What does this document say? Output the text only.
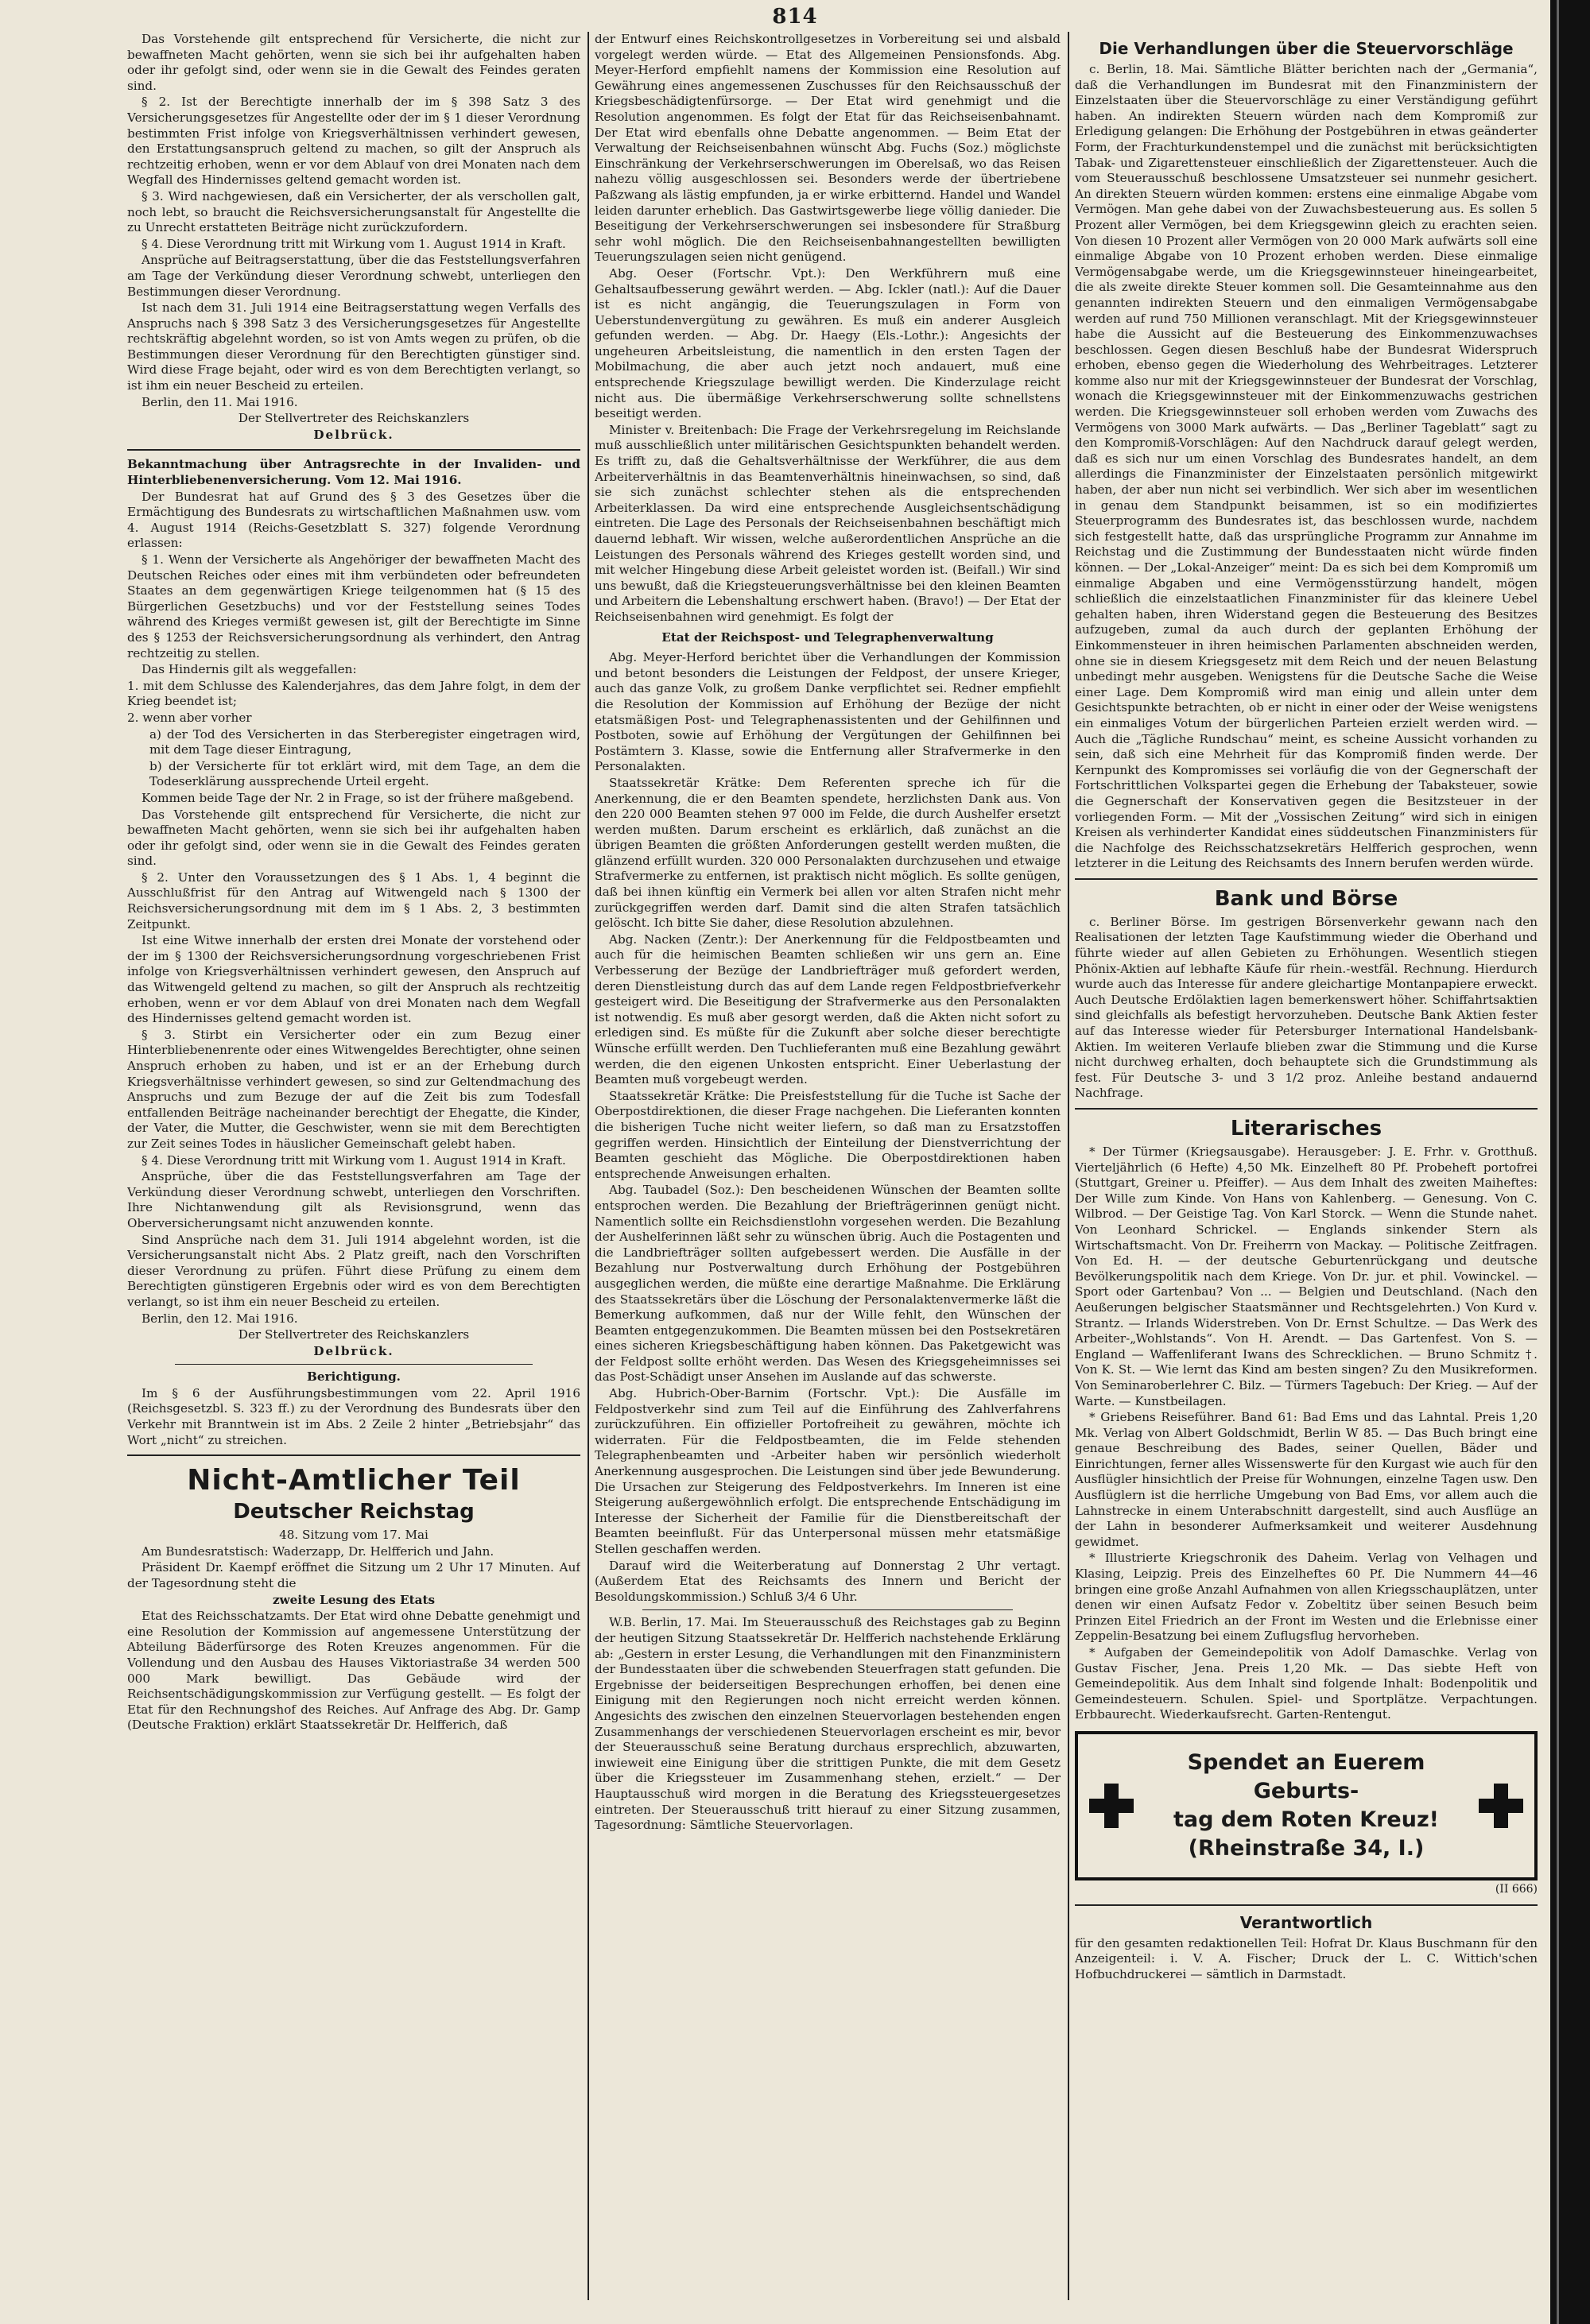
814

Das Vorstehende gilt entsprechend für Versicherte, die nicht zur bewaffneten Macht gehörten, wenn sie sich bei ihr aufgehalten haben oder ihr gefolgt sind, oder wenn sie in die Gewalt des Feindes geraten sind.

§ 2. Ist der Berechtigte innerhalb der im § 398 Satz 3 des Versicherungsgesetzes für Angestellte oder der im § 1 dieser Verordnung bestimmten Frist infolge von Kriegsverhältnissen verhindert gewesen, den Erstattungsanspruch geltend zu machen, so gilt der Anspruch als rechtzeitig erhoben, wenn er vor dem Ablauf von drei Monaten nach dem Wegfall des Hindernisses geltend gemacht worden ist.

§ 3. Wird nachgewiesen, daß ein Versicherter, der als verschollen galt, noch lebt, so braucht die Reichsversicherungsanstalt für Angestellte die zu Unrecht erstatteten Beiträge nicht zurückzufordern.

§ 4. Diese Verordnung tritt mit Wirkung vom 1. August 1914 in Kraft.

Ansprüche auf Beitragserstattung, über die das Feststellungsverfahren am Tage der Verkündung dieser Verordnung schwebt, unterliegen den Bestimmungen dieser Verordnung.

Ist nach dem 31. Juli 1914 eine Beitragserstattung wegen Verfalls des Anspruchs nach § 398 Satz 3 des Versicherungsgesetzes für Angestellte rechtskräftig abgelehnt worden, so ist von Amts wegen zu prüfen, ob die Bestimmungen dieser Verordnung für den Berechtigten günstiger sind. Wird diese Frage bejaht, oder wird es von dem Berechtigten verlangt, so ist ihm ein neuer Bescheid zu erteilen.

Berlin, den 11. Mai 1916.

Der Stellvertreter des Reichskanzlers

Delbrück.

Bekanntmachung über Antragsrechte in der Invaliden- und Hinterbliebenenversicherung. Vom 12. Mai 1916.

Der Bundesrat hat auf Grund des § 3 des Gesetzes über die Ermächtigung des Bundesrats zu wirtschaftlichen Maßnahmen usw. vom 4. August 1914 (Reichs-Gesetzblatt S. 327) folgende Verordnung erlassen:

§ 1. Wenn der Versicherte als Angehöriger der bewaffneten Macht des Deutschen Reiches oder eines mit ihm verbündeten oder befreundeten Staates an dem gegenwärtigen Kriege teilgenommen hat (§ 15 des Bürgerlichen Gesetzbuchs) und vor der Feststellung seines Todes während des Krieges vermißt gewesen ist, gilt der Berechtigte im Sinne des § 1253 der Reichsversicherungsordnung als verhindert, den Antrag rechtzeitig zu stellen.

Das Hindernis gilt als weggefallen:

1. mit dem Schlusse des Kalenderjahres, das dem Jahre folgt, in dem der Krieg beendet ist;

2. wenn aber vorher

a) der Tod des Versicherten in das Sterberegister eingetragen wird, mit dem Tage dieser Eintragung,

b) der Versicherte für tot erklärt wird, mit dem Tage, an dem die Todeserklärung aussprechende Urteil ergeht.

Kommen beide Tage der Nr. 2 in Frage, so ist der frühere maßgebend.

Das Vorstehende gilt entsprechend für Versicherte, die nicht zur bewaffneten Macht gehörten, wenn sie sich bei ihr aufgehalten haben oder ihr gefolgt sind, oder wenn sie in die Gewalt des Feindes geraten sind.

§ 2. Unter den Voraussetzungen des § 1 Abs. 1, 4 beginnt die Ausschlußfrist für den Antrag auf Witwengeld nach § 1300 der Reichsversicherungsordnung mit dem im § 1 Abs. 2, 3 bestimmten Zeitpunkt.

Ist eine Witwe innerhalb der ersten drei Monate der vorstehend oder der im § 1300 der Reichsversicherungsordnung vorgeschriebenen Frist infolge von Kriegsverhältnissen verhindert gewesen, den Anspruch auf das Witwengeld geltend zu machen, so gilt der Anspruch als rechtzeitig erhoben, wenn er vor dem Ablauf von drei Monaten nach dem Wegfall des Hindernisses geltend gemacht worden ist.

§ 3. Stirbt ein Versicherter oder ein zum Bezug einer Hinterbliebenenrente oder eines Witwengeldes Berechtigter, ohne seinen Anspruch erhoben zu haben, und ist er an der Erhebung durch Kriegsverhältnisse verhindert gewesen, so sind zur Geltendmachung des Anspruchs und zum Bezuge der auf die Zeit bis zum Todesfall entfallenden Beiträge nacheinander berechtigt der Ehegatte, die Kinder, der Vater, die Mutter, die Geschwister, wenn sie mit dem Berechtigten zur Zeit seines Todes in häuslicher Gemeinschaft gelebt haben.

§ 4. Diese Verordnung tritt mit Wirkung vom 1. August 1914 in Kraft.

Ansprüche, über die das Feststellungsverfahren am Tage der Verkündung dieser Verordnung schwebt, unterliegen den Vorschriften. Ihre Nichtanwendung gilt als Revisionsgrund, wenn das Oberversicherungsamt nicht anzuwenden konnte.

Sind Ansprüche nach dem 31. Juli 1914 abgelehnt worden, ist die Versicherungsanstalt nicht Abs. 2 Platz greift, nach den Vorschriften dieser Verordnung zu prüfen. Führt diese Prüfung zu einem dem Berechtigten günstigeren Ergebnis oder wird es von dem Berechtigten verlangt, so ist ihm ein neuer Bescheid zu erteilen.

Berlin, den 12. Mai 1916.

Der Stellvertreter des Reichskanzlers

Delbrück.

Berichtigung.

Im § 6 der Ausführungsbestimmungen vom 22. April 1916 (Reichsgesetzbl. S. 323 ff.) zu der Verordnung des Bundesrats über den Verkehr mit Branntwein ist im Abs. 2 Zeile 2 hinter „Betriebsjahr“ das Wort „nicht“ zu streichen.

Nicht-Amtlicher Teil
Deutscher Reichstag

48. Sitzung vom 17. Mai

Am Bundesratstisch: Waderzapp, Dr. Helfferich und Jahn.

Präsident Dr. Kaempf eröffnet die Sitzung um 2 Uhr 17 Minuten. Auf der Tagesordnung steht die

zweite Lesung des Etats

Etat des Reichsschatzamts. Der Etat wird ohne Debatte genehmigt und eine Resolution der Kommission auf angemessene Unterstützung der Abteilung Bäderfürsorge des Roten Kreuzes angenommen. Für die Vollendung und den Ausbau des Hauses Viktoriastraße 34 werden 500 000 Mark bewilligt. Das Gebäude wird der Reichsentschädigungskommission zur Verfügung gestellt. — Es folgt der Etat für den Rechnungshof des Reiches. Auf Anfrage des Abg. Dr. Gamp (Deutsche Fraktion) erklärt Staatssekretär Dr. Helfferich, daß

der Entwurf eines Reichskontrollgesetzes in Vorbereitung sei und alsbald vorgelegt werden würde. — Etat des Allgemeinen Pensionsfonds. Abg. Meyer-Herford empfiehlt namens der Kommission eine Resolution auf Gewährung eines angemessenen Zuschusses für den Reichsausschuß der Kriegsbeschädigtenfürsorge. — Der Etat wird genehmigt und die Resolution angenommen. Es folgt der Etat für das Reichseisenbahnamt. Der Etat wird ebenfalls ohne Debatte angenommen. — Beim Etat der Verwaltung der Reichseisenbahnen wünscht Abg. Fuchs (Soz.) möglichste Einschränkung der Verkehrserschwerungen im Oberelsaß, wo das Reisen nahezu völlig ausgeschlossen sei. Besonders werde der übertriebene Paßzwang als lästig empfunden, ja er wirke erbitternd. Handel und Wandel leiden darunter erheblich. Das Gastwirtsgewerbe liege völlig danieder. Die Beseitigung der Verkehrserschwerungen sei insbesondere für Straßburg sehr wohl möglich. Die den Reichseisenbahnangestellten bewilligten Teuerungszulagen seien nicht genügend.

Abg. Oeser (Fortschr. Vpt.): Den Werkführern muß eine Gehaltsaufbesserung gewährt werden. — Abg. Ickler (natl.): Auf die Dauer ist es nicht angängig, die Teuerungszulagen in Form von Ueberstundenvergütung zu gewähren. Es muß ein anderer Ausgleich gefunden werden. — Abg. Dr. Haegy (Els.-Lothr.): Angesichts der ungeheuren Arbeitsleistung, die namentlich in den ersten Tagen der Mobilmachung, die aber auch jetzt noch andauert, muß eine entsprechende Kriegszulage bewilligt werden. Die Kinderzulage reicht nicht aus. Die übermäßige Verkehrserschwerung sollte schnellstens beseitigt werden.

Minister v. Breitenbach: Die Frage der Verkehrsregelung im Reichslande muß ausschließlich unter militärischen Gesichtspunkten behandelt werden. Es trifft zu, daß die Gehaltsverhältnisse der Werkführer, die aus dem Arbeiterverhältnis in das Beamtenverhältnis hineinwachsen, so sind, daß sie sich zunächst schlechter stehen als die entsprechenden Arbeiterklassen. Da wird eine entsprechende Ausgleichsentschädigung eintreten. Die Lage des Personals der Reichseisenbahnen beschäftigt mich dauernd lebhaft. Wir wissen, welche außerordentlichen Ansprüche an die Leistungen des Personals während des Krieges gestellt worden sind, und mit welcher Hingebung diese Arbeit geleistet worden ist. (Beifall.) Wir sind uns bewußt, daß die Kriegsteuerungsverhältnisse bei den kleinen Beamten und Arbeitern die Lebenshaltung erschwert haben. (Bravo!) — Der Etat der Reichseisenbahnen wird genehmigt. Es folgt der

Etat der Reichspost- und Telegraphenverwaltung

Abg. Meyer-Herford berichtet über die Verhandlungen der Kommission und betont besonders die Leistungen der Feldpost, der unsere Krieger, auch das ganze Volk, zu großem Danke verpflichtet sei. Redner empfiehlt die Resolution der Kommission auf Erhöhung der Bezüge der nicht etatsmäßigen Post- und Telegraphenassistenten und der Gehilfinnen und Postboten, sowie auf Erhöhung der Vergütungen der Gehilfinnen bei Postämtern 3. Klasse, sowie die Entfernung aller Strafvermerke in den Personalakten.

Staatssekretär Krätke: Dem Referenten spreche ich für die Anerkennung, die er den Beamten spendete, herzlichsten Dank aus. Von den 220 000 Beamten stehen 97 000 im Felde, die durch Aushelfer ersetzt werden mußten. Darum erscheint es erklärlich, daß zunächst an die übrigen Beamten die größten Anforderungen gestellt werden mußten, die glänzend erfüllt wurden. 320 000 Personalakten durchzusehen und etwaige Strafvermerke zu entfernen, ist praktisch nicht möglich. Es sollte genügen, daß bei ihnen künftig ein Vermerk bei allen vor alten Strafen nicht mehr zurückgegriffen werden darf. Damit sind die alten Strafen tatsächlich gelöscht. Ich bitte Sie daher, diese Resolution abzulehnen.

Abg. Nacken (Zentr.): Der Anerkennung für die Feldpostbeamten und auch für die heimischen Beamten schließen wir uns gern an. Eine Verbesserung der Bezüge der Landbriefträger muß gefordert werden, deren Dienstleistung durch das auf dem Lande regen Feldpostbriefverkehr gesteigert wird. Die Beseitigung der Strafvermerke aus den Personalakten ist notwendig. Es muß aber gesorgt werden, daß die Akten nicht sofort zu erledigen sind. Es müßte für die Zukunft aber solche dieser berechtigte Wünsche erfüllt werden. Den Tuchlieferanten muß eine Bezahlung gewährt werden, die den eigenen Unkosten entspricht. Einer Ueberlastung der Beamten muß vorgebeugt werden.

Staatssekretär Krätke: Die Preisfeststellung für die Tuche ist Sache der Oberpostdirektionen, die dieser Frage nachgehen. Die Lieferanten konnten die bisherigen Tuche nicht weiter liefern, so daß man zu Ersatzstoffen gegriffen werden. Hinsichtlich der Einteilung der Dienstverrichtung der Beamten geschieht das Mögliche. Die Oberpostdirektionen haben entsprechende Anweisungen erhalten.

Abg. Taubadel (Soz.): Den bescheidenen Wünschen der Beamten sollte entsprochen werden. Die Bezahlung der Briefträgerinnen genügt nicht. Namentlich sollte ein Reichsdienstlohn vorgesehen werden. Die Bezahlung der Aushelferinnen läßt sehr zu wünschen übrig. Auch die Postagenten und die Landbriefträger sollten aufgebessert werden. Die Ausfälle in der Bezahlung nur Postverwaltung durch Erhöhung der Postgebühren ausgeglichen werden, die müßte eine derartige Maßnahme. Die Erklärung des Staatssekretärs über die Löschung der Personalaktenvermerke läßt die Bemerkung aufkommen, daß nur der Wille fehlt, den Wünschen der Beamten entgegenzukommen. Die Beamten müssen bei den Postsekretären eines sicheren Kriegsbeschäftigung haben können. Das Paketgewicht was der Feldpost sollte erhöht werden. Das Wesen des Kriegsgeheimnisses sei das Post-Schädigt unser Ansehen im Auslande auf das schwerste.

Abg. Hubrich-Ober-Barnim (Fortschr. Vpt.): Die Ausfälle im Feldpostverkehr sind zum Teil auf die Einführung des Zahlverfahrens zurückzuführen. Ein offizieller Portofreiheit zu gewähren, möchte ich widerraten. Für die Feldpostbeamten, die im Felde stehenden Telegraphenbeamten und -Arbeiter haben wir persönlich wiederholt Anerkennung ausgesprochen. Die Leistungen sind über jede Bewunderung. Die Ursachen zur Steigerung des Feldpostverkehrs. Im Inneren ist eine Steigerung außergewöhnlich erfolgt. Die entsprechende Entschädigung im Interesse der Sicherheit der Familie für die Dienstbereitschaft der Beamten beeinflußt. Für das Unterpersonal müssen mehr etatsmäßige Stellen geschaffen werden.

Darauf wird die Weiterberatung auf Donnerstag 2 Uhr vertagt. (Außerdem Etat des Reichsamts des Innern und Bericht der Besoldungskommission.) Schluß 3/4 6 Uhr.

W.B. Berlin, 17. Mai. Im Steuerausschuß des Reichstages gab zu Beginn der heutigen Sitzung Staatssekretär Dr. Helfferich nachstehende Erklärung ab: „Gestern in erster Lesung, die Verhandlungen mit den Finanzministern der Bundesstaaten über die schwebenden Steuerfragen statt gefunden. Die Ergebnisse der beiderseitigen Besprechungen erhoffen, bei denen eine Einigung mit den Regierungen noch nicht erreicht werden können. Angesichts des zwischen den einzelnen Steuervorlagen bestehenden engen Zusammenhangs der verschiedenen Steuervorlagen erscheint es mir, bevor der Steuerausschuß seine Beratung durchaus ersprechlich, abzuwarten, inwieweit eine Einigung über die strittigen Punkte, die mit dem Gesetz über die Kriegssteuer im Zusammenhang stehen, erzielt.“ — Der Hauptausschuß wird morgen in die Beratung des Kriegssteuergesetzes eintreten. Der Steuerausschuß tritt hierauf zu einer Sitzung zusammen, Tagesordnung: Sämtliche Steuervorlagen.

Die Verhandlungen über die Steuervorschläge

c. Berlin, 18. Mai. Sämtliche Blätter berichten nach der „Germania“, daß die Verhandlungen im Bundesrat mit den Finanzministern der Einzelstaaten über die Steuervorschläge zu einer Verständigung geführt haben. An indirekten Steuern würden nach dem Kompromiß zur Erledigung gelangen: Die Erhöhung der Postgebühren in etwas geänderter Form, der Frachturkundenstempel und die zunächst mit berücksichtigten Tabak- und Zigarettensteuer einschließlich der Zigarettensteuer. Auch die vom Steuerausschuß beschlossene Umsatzsteuer sei nunmehr gesichert. An direkten Steuern würden kommen: erstens eine einmalige Abgabe vom Vermögen. Man gehe dabei von der Zuwachsbesteuerung aus. Es sollen 5 Prozent aller Vermögen, bei dem Kriegsgewinn gleich zu erachten seien. Von diesen 10 Prozent aller Vermögen von 20 000 Mark aufwärts soll eine einmalige Abgabe von 10 Prozent erhoben werden. Diese einmalige Vermögensabgabe werde, um die Kriegsgewinnsteuer hineingearbeitet, die als zweite direkte Steuer kommen soll. Die Gesamteinnahme aus den genannten indirekten Steuern und den einmaligen Vermögensabgabe werden auf rund 750 Millionen veranschlagt. Mit der Kriegsgewinnsteuer habe die Aussicht auf die Besteuerung des Einkommenzuwachses beschlossen. Gegen diesen Beschluß habe der Bundesrat Widerspruch erhoben, ebenso gegen die Wiederholung des Wehrbeitrages. Letzterer komme also nur mit der Kriegsgewinnsteuer der Bundesrat der Vorschlag, wonach die Kriegsgewinnsteuer mit der Einkommenzuwachs gestrichen werden. Die Kriegsgewinnsteuer soll erhoben werden vom Zuwachs des Vermögens von 3000 Mark aufwärts. — Das „Berliner Tageblatt“ sagt zu den Kompromiß-Vorschlägen: Auf den Nachdruck darauf gelegt werden, daß es sich nur um einen Vorschlag des Bundesrates handelt, an dem allerdings die Finanzminister der Einzelstaaten persönlich mitgewirkt haben, der aber nun nicht sei verbindlich. Wer sich aber im wesentlichen in genau dem Standpunkt beisammen, ist so ein modifiziertes Steuerprogramm des Bundesrates ist, das beschlossen wurde, nachdem sich festgestellt hatte, daß das ursprüngliche Programm zur Annahme im Reichstag und die Zustimmung der Bundesstaaten nicht würde finden können. — Der „Lokal-Anzeiger“ meint: Da es sich bei dem Kompromiß um einmalige Abgaben und eine Vermögensstürzung handelt, mögen schließlich die einzelstaatlichen Finanzminister für das kleinere Uebel gehalten haben, ihren Widerstand gegen die Besteuerung des Besitzes aufzugeben, zumal da auch durch der geplanten Erhöhung der Einkommensteuer in ihren heimischen Parlamenten abschneiden werden, ohne sie in diesem Kriegsgesetz mit dem Reich und der neuen Belastung unbedingt mehr ausgeben. Wenigstens für die Deutsche Sache die Weise einer Lage. Dem Kompromiß wird man einig und allein unter dem Gesichtspunkte betrachten, ob er nicht in einer oder der Weise wenigstens ein einmaliges Votum der bürgerlichen Parteien erzielt werden wird. — Auch die „Tägliche Rundschau“ meint, es scheine Aussicht vorhanden zu sein, daß sich eine Mehrheit für das Kompromiß finden werde. Der Kernpunkt des Kompromisses sei vorläufig die von der Gegnerschaft der Fortschrittlichen Volkspartei gegen die Erhebung der Tabaksteuer, sowie die Gegnerschaft der Konservativen gegen die Besitzsteuer in der vorliegenden Form. — Mit der „Vossischen Zeitung“ wird sich in einigen Kreisen als verhinderter Kandidat eines süddeutschen Finanzministers für die Nachfolge des Reichsschatzsekretärs Helfferich gesprochen, wenn letzterer in die Leitung des Reichsamts des Innern berufen werden würde.

Bank und Börse

c. Berliner Börse. Im gestrigen Börsenverkehr gewann nach den Realisationen der letzten Tage Kaufstimmung wieder die Oberhand und führte wieder auf allen Gebieten zu Erhöhungen. Wesentlich stiegen Phönix-Aktien auf lebhafte Käufe für rhein.-westfäl. Rechnung. Hierdurch wurde auch das Interesse für andere gleichartige Montanpapiere erweckt. Auch Deutsche Erdölaktien lagen bemerkenswert höher. Schiffahrtsaktien sind gleichfalls als befestigt hervorzuheben. Deutsche Bank Aktien fester auf das Interesse wieder für Petersburger International Handelsbank-Aktien. Im weiteren Verlaufe blieben zwar die Stimmung und die Kurse nicht durchweg erhalten, doch behauptete sich die Grundstimmung als fest. Für Deutsche 3- und 3 1/2 proz. Anleihe bestand andauernd Nachfrage.

Literarisches

* Der Türmer (Kriegsausgabe). Herausgeber: J. E. Frhr. v. Grotthuß. Vierteljährlich (6 Hefte) 4,50 Mk. Einzelheft 80 Pf. Probeheft portofrei (Stuttgart, Greiner u. Pfeiffer). — Aus dem Inhalt des zweiten Maiheftes: Der Wille zum Kinde. Von Hans von Kahlenberg. — Genesung. Von C. Wilbrod. — Der Geistige Tag. Von Karl Storck. — Wenn die Stunde nahet. Von Leonhard Schrickel. — Englands sinkender Stern als Wirtschaftsmacht. Von Dr. Freiherrn von Mackay. — Politische Zeitfragen. Von Ed. H. — der deutsche Geburtenrückgang und deutsche Bevölkerungspolitik nach dem Kriege. Von Dr. jur. et phil. Vowinckel. — Sport oder Gartenbau? Von ... — Belgien und Deutschland. (Nach den Aeußerungen belgischer Staatsmänner und Rechtsgelehrten.) Von Kurd v. Strantz. — Irlands Widerstreben. Von Dr. Ernst Schultze. — Das Werk des Arbeiter-„Wohlstands“. Von H. Arendt. — Das Gartenfest. Von S. — England — Waffenliferant Iwans des Schrecklichen. — Bruno Schmitz †. Von K. St. — Wie lernt das Kind am besten singen? Zu den Musikreformen. Von Seminaroberlehrer C. Bilz. — Türmers Tagebuch: Der Krieg. — Auf der Warte. — Kunstbeilagen.

* Griebens Reiseführer. Band 61: Bad Ems und das Lahntal. Preis 1,20 Mk. Verlag von Albert Goldschmidt, Berlin W 85. — Das Buch bringt eine genaue Beschreibung des Bades, seiner Quellen, Bäder und Einrichtungen, ferner alles Wissenswerte für den Kurgast wie auch für den Ausflügler hinsichtlich der Preise für Wohnungen, einzelne Tagen usw. Den Ausflüglern ist die herrliche Umgebung von Bad Ems, vor allem auch die Lahnstrecke in einem Unterabschnitt dargestellt, sind auch Ausflüge an der Lahn in besonderer Aufmerksamkeit und weiterer Ausdehnung gewidmet.

* Illustrierte Kriegschronik des Daheim. Verlag von Velhagen und Klasing, Leipzig. Preis des Einzelheftes 60 Pf. Die Nummern 44—46 bringen eine große Anzahl Aufnahmen von allen Kriegsschauplätzen, unter denen wir einen Aufsatz Fedor v. Zobeltitz über seinen Besuch beim Prinzen Eitel Friedrich an der Front im Westen und die Erlebnisse einer Zeppelin-Besatzung bei einem Zuflugsflug hervorheben.

* Aufgaben der Gemeindepolitik von Adolf Damaschke. Verlag von Gustav Fischer, Jena. Preis 1,20 Mk. — Das siebte Heft von Gemeindepolitik. Aus dem Inhalt sind folgende Inhalt: Bodenpolitik und Gemeindesteuern. Schulen. Spiel- und Sportplätze. Verpachtungen. Erbbaurecht. Wiederkaufsrecht. Garten-Rentengut.

Spendet an Euerem Geburts-
tag dem Roten Kreuz!
(Rheinstraße 34, I.)
(II 666)
Verantwortlich

für den gesamten redaktionellen Teil: Hofrat Dr. Klaus Buschmann für den Anzeigenteil: i. V. A. Fischer; Druck der L. C. Wittich'schen Hofbuchdruckerei — sämtlich in Darmstadt.
